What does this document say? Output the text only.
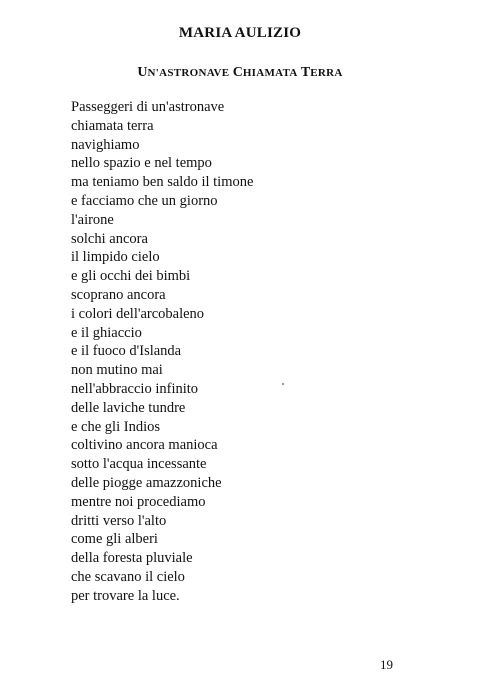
MARIA AULIZIO
UN'ASTRONAVE CHIAMATA TERRA
Passeggeri di un'astronave
chiamata terra
navighiamo
nello spazio e nel tempo
ma teniamo ben saldo il timone
e facciamo che un giorno
l'airone
solchi ancora
il limpido cielo
e gli occhi dei bimbi
scoprano ancora
i colori dell'arcobaleno
e il ghiaccio
e il fuoco d'Islanda
non mutino mai
nell'abbraccio infinito
delle laviche tundre
e che gli Indios
coltivino ancora manioca
sotto l'acqua incessante
delle piogge amazzoniche
mentre noi procediamo
dritti verso l'alto
come gli alberi
della foresta pluviale
che scavano il cielo
per trovare la luce.
19
